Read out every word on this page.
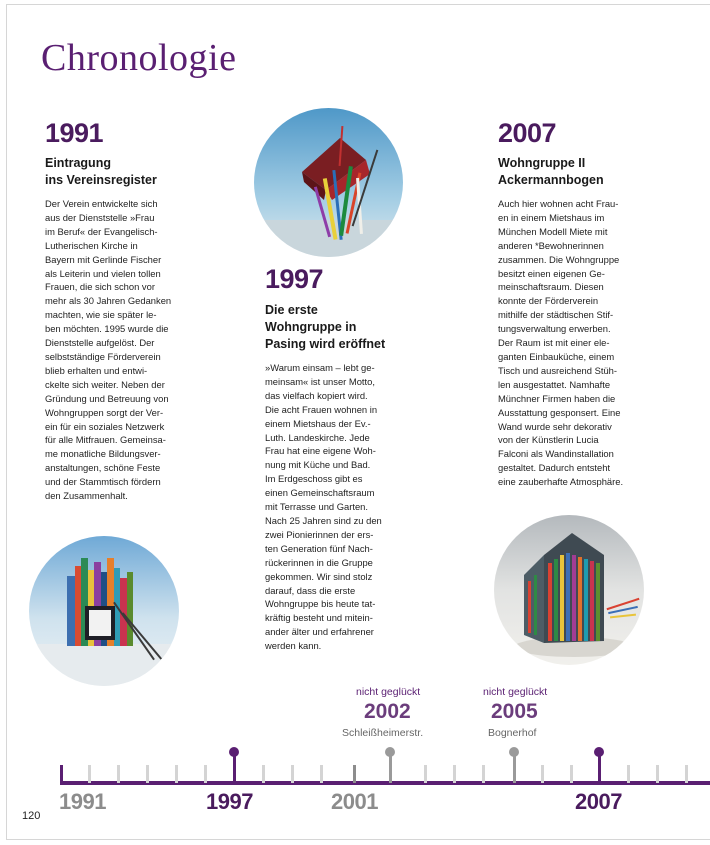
Chronologie
1991
Eintragung
ins Vereinsregister
Der Verein entwickelte sich
aus der Dienststelle »Frau
im Beruf« der Evangelisch-
Lutherischen Kirche in
Bayern mit Gerlinde Fischer
als Leiterin und vielen tollen
Frauen, die sich schon vor
mehr als 30 Jahren Gedanken
machten, wie sie später le-
ben möchten. 1995 wurde die
Dienststelle aufgelöst. Der
selbstständige Förderverein
blieb erhalten und entwi-
ckelte sich weiter. Neben der
Gründung und Betreuung von
Wohngruppen sorgt der Ver-
ein für ein soziales Netzwerk
für alle Mitfrauen. Gemeinsa-
me monatliche Bildungsver-
anstaltungen, schöne Feste
und der Stammtisch fördern
den Zusammenhalt.
1997
Die erste
Wohngruppe in
Pasing wird eröffnet
»Warum einsam – lebt ge-
meinsam« ist unser Motto,
das vielfach kopiert wird.
Die acht Frauen wohnen in
einem Mietshaus der Ev.-
Luth. Landeskirche. Jede
Frau hat eine eigene Woh-
nung mit Küche und Bad.
Im Erdgeschoss gibt es
einen Gemeinschaftsraum
mit Terrasse und Garten.
Nach 25 Jahren sind zu den
zwei Pionierinnen der ers-
ten Generation fünf Nach-
rückerinnen in die Gruppe
gekommen. Wir sind stolz
darauf, dass die erste
Wohngruppe bis heute tat-
kräftig besteht und mitein-
ander älter und erfahrener
werden kann.
2007
Wohngruppe II
Ackermannbogen
Auch hier wohnen acht Frau-
en in einem Mietshaus im
München Modell Miete mit
anderen *Bewohnerinnen
zusammen. Die Wohngruppe
besitzt einen eigenen Ge-
meinschaftsraum. Diesen
konnte der Förderverein
mithilfe der städtischen Stif-
tungsverwaltung erwerben.
Der Raum ist mit einer ele-
ganten Einbauküche, einem
Tisch und ausreichend Stüh-
len ausgestattet. Namhafte
Münchner Firmen haben die
Ausstattung gesponsert. Eine
Wand wurde sehr dekorativ
von der Künstlerin Lucia
Falconi als Wandinstallation
gestaltet. Dadurch entsteht
eine zauberhafte Atmosphäre.
nicht geglückt
2002
Schleißheimerstr.
nicht geglückt
2005
Bognerhof
1991	1997	2001	2007
120
